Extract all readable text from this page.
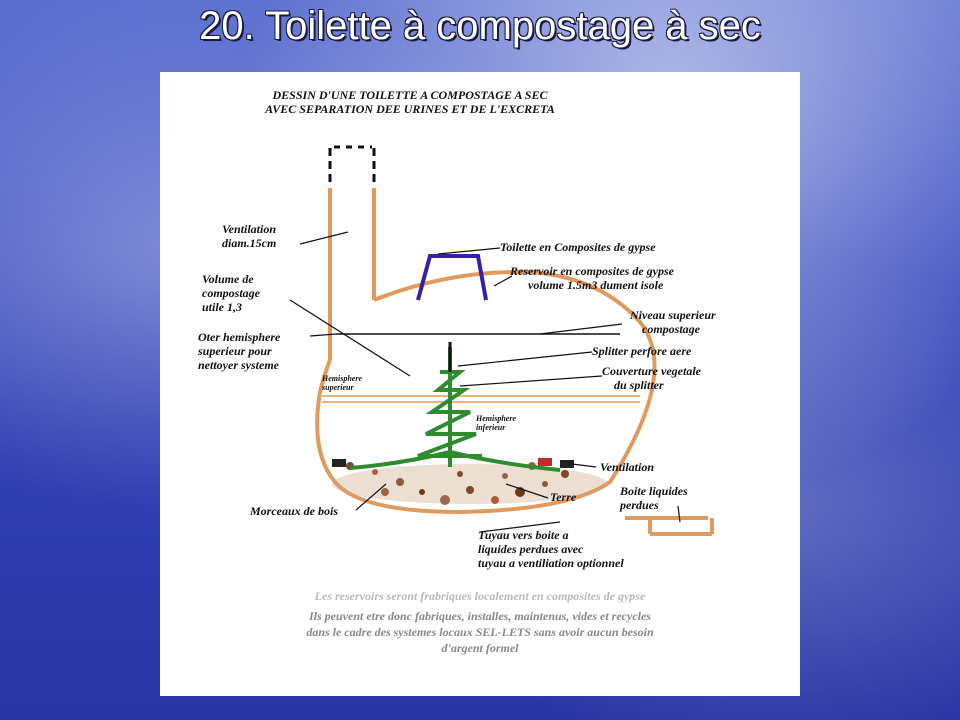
20. Toilette à compostage à sec
DESSIN D'UNE TOILETTE A COMPOSTAGE A SEC
AVEC SEPARATION DEE URINES ET DE L'EXCRETA
Ventilation
diam.15cm
Volume de
compostage
utile 1,3
Oter hemisphere
superieur pour
nettoyer systeme
Hemisphere
superieur
Hemisphere
inferieur
Toilette en Composites de gypse
Reservoir en composites de gypse
volume 1.5m3 dument isole
Niveau superieur
compostage
Splitter perfore aere
Couverture vegetale
du splitter
Ventilation
Terre	Boite liquides
perdues
Morceaux de bois
Tuyau vers boite a
liquides perdues avec
tuyau a ventiliation optionnel
Les reservoirs seront frabriques localement en composites de gypse
Ils peuvent etre donc fabriques, installes, maintenus, vides et recycles
dans le cadre des systemes locaux SEL-LETS sans avoir aucun besoin
d'argent formel
